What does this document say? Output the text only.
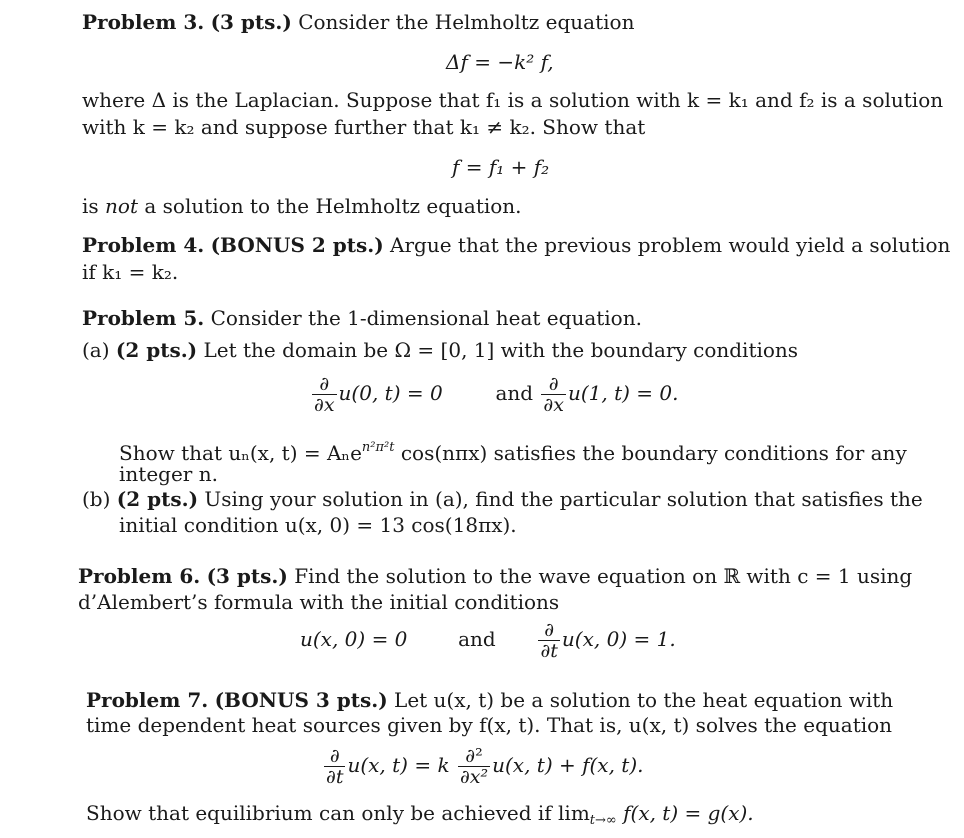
Problem 3. (3 pts.) Consider the Helmholtz equation
Δf = −k² f,
where Δ is the Laplacian. Suppose that f₁ is a solution with k = k₁ and f₂ is a solution
with k = k₂ and suppose further that k₁ ≠ k₂. Show that
f = f₁ + f₂
is not a solution to the Helmholtz equation.
Problem 4. (BONUS 2 pts.) Argue that the previous problem would yield a solution
if k₁ = k₂.
Problem 5. Consider the 1-dimensional heat equation.
(a) (2 pts.) Let the domain be Ω = [0, 1] with the boundary conditions
$\frac{\partial}{\partial x} u(0$, t) = 0	and $\frac{\partial}{\partial x} u(1$, t) = 0.
Show that uₙ(x, t) = Aₙe$^{n^2\pi^2t}$ cos(nπx) satisfies the boundary conditions for any
integer n.
(b) (2 pts.) Using your solution in (a), find the particular solution that satisfies the
initial condition u(x, 0) = 13 cos(18πx).
Problem 6. (3 pts.) Find the solution to the wave equation on ℝ with c = 1 using
d’Alembert’s formula with the initial conditions
u(x, 0) = 0	and $\frac{\partial}{\partial t} u(x$, 0) = 1.
Problem 7. (BONUS 3 pts.) Let u(x, t) be a solution to the heat equation with
time dependent heat sources given by f(x, t). That is, u(x, t) solves the equation
$\frac{\partial}{\partial t} u(x$, t) = k $\frac{\text{∂²}}{\text{∂x²}} u(x$, t) + f(x, t).
Show that equilibrium can only be achieved if $\lim_{t\to\infty} f(x$, t) = g(x).
